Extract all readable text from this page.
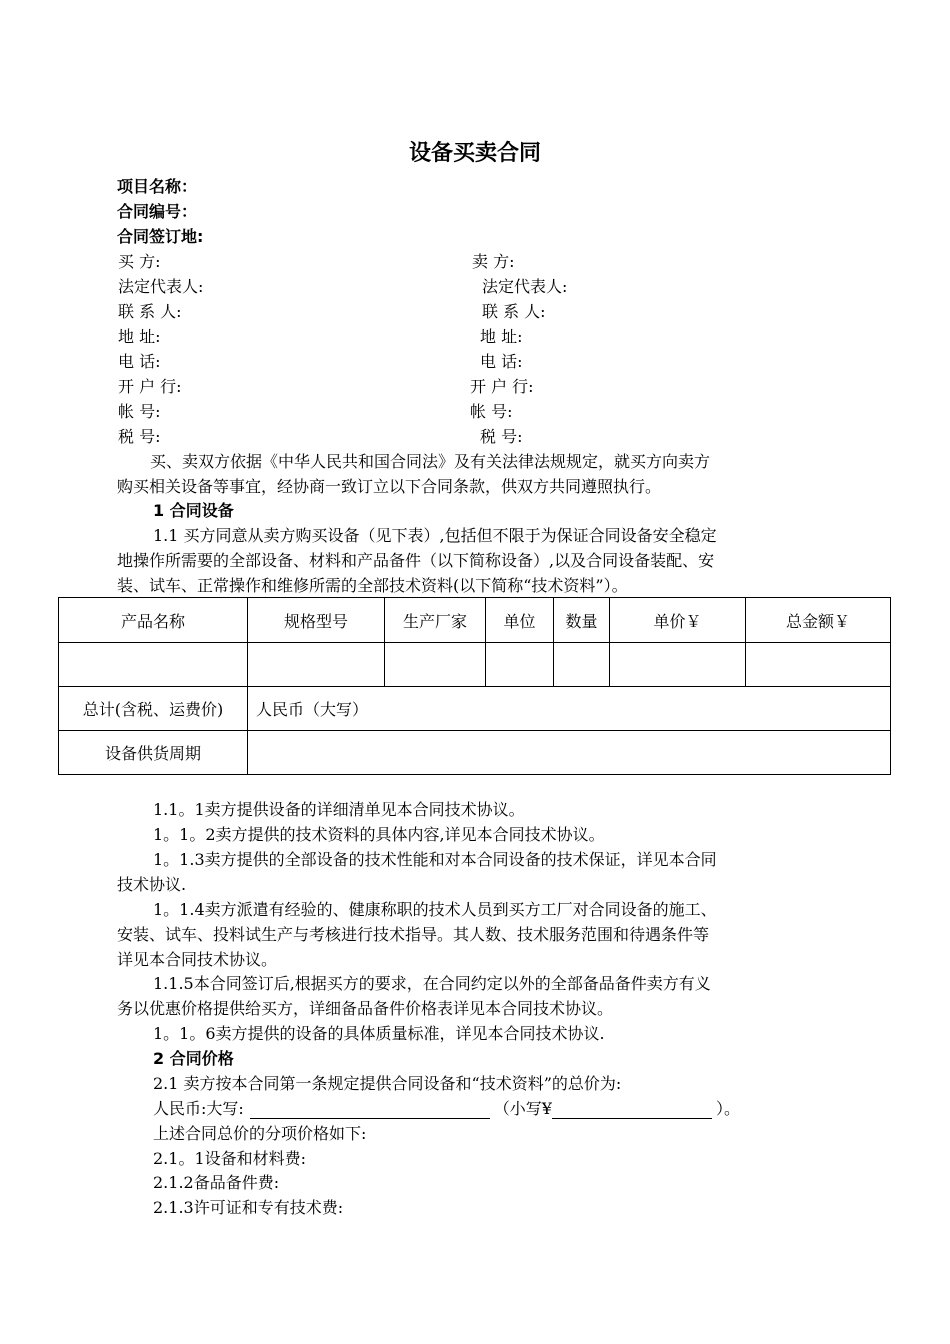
设备买卖合同
项目名称：
合同编号：
合同签订地:
买 方:
法定代表人:
联 系 人:
地 址:
电 话:
开 户 行:
帐 号:
税 号:
卖 方:
法定代表人:
联 系 人:
地 址:
电 话:
开 户 行:
帐 号:
税 号:
买、卖双方依据《中华人民共和国合同法》及有关法律法规规定，就买方向卖方
购买相关设备等事宜，经协商一致订立以下合同条款，供双方共同遵照执行。
1 合同设备
1.1 买方同意从卖方购买设备（见下表）,包括但不限于为保证合同设备安全稳定
地操作所需要的全部设备、材料和产品备件（以下简称设备）,以及合同设备装配、安
装、试车、正常操作和维修所需的全部技术资料(以下简称“技术资料”）。
产品名称	规格型号	生产厂家	单位	数量	单价￥	总金额￥

总计(含税、运费价)	人民币（大写）					
设备供货周期						
1.1。1卖方提供设备的详细清单见本合同技术协议。
1。1。2卖方提供的技术资料的具体内容,详见本合同技术协议。
1。1.3卖方提供的全部设备的技术性能和对本合同设备的技术保证，详见本合同
技术协议.
1。1.4卖方派遣有经验的、健康称职的技术人员到买方工厂对合同设备的施工、
安装、试车、投料试生产与考核进行技术指导。其人数、技术服务范围和待遇条件等
详见本合同技术协议。
1.1.5本合同签订后,根据买方的要求，在合同约定以外的全部备品备件卖方有义
务以优惠价格提供给买方，详细备品备件价格表详见本合同技术协议。
1。1。6卖方提供的设备的具体质量标准，详见本合同技术协议.
2 合同价格
2.1 卖方按本合同第一条规定提供合同设备和“技术资料”的总价为:
人民币:大写:	（小写¥	）。
上述合同总价的分项价格如下:
2.1。1设备和材料费:
2.1.2备品备件费:
2.1.3许可证和专有技术费:
